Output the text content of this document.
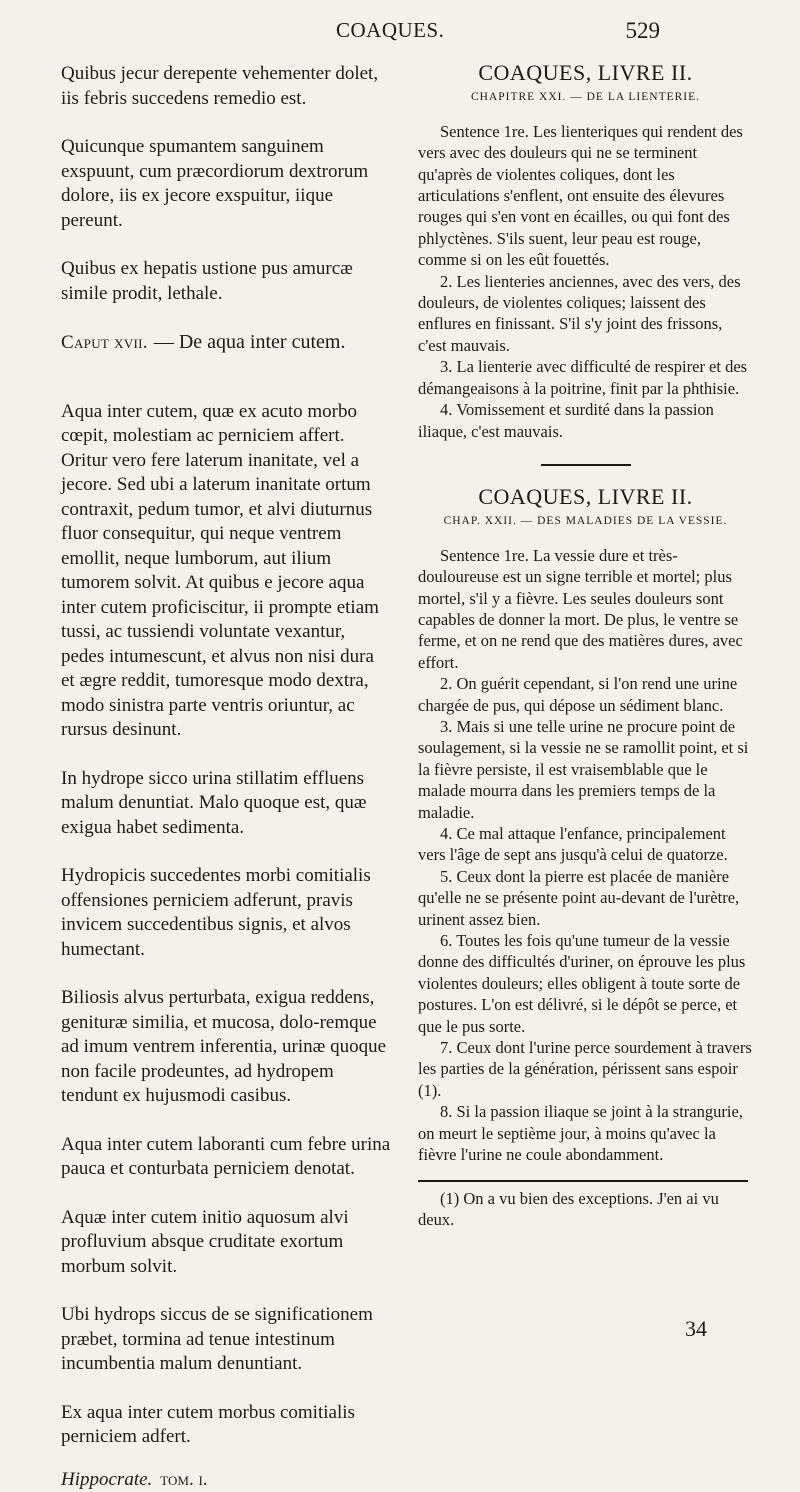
COAQUES.	529

Quibus jecur derepente vehementer dolet, iis febris succedens remedio est.

Quicunque spumantem sanguinem exspuunt, cum præcordiorum dextrorum dolore, iis ex jecore exspuitur, iique pereunt.

Quibus ex hepatis ustione pus amurcæ simile prodit, lethale.

Caput xvii. — De aqua inter cutem.

Aqua inter cutem, quæ ex acuto morbo cœpit, molestiam ac perniciem affert. Oritur vero fere laterum inanitate, vel a jecore. Sed ubi a laterum inanitate ortum contraxit, pedum tumor, et alvi diuturnus fluor consequitur, qui neque ventrem emollit, neque lumborum, aut ilium tumorem solvit. At quibus e jecore aqua inter cutem proficiscitur, ii prompte etiam tussi, ac tussiendi voluntate vexantur, pedes intumescunt, et alvus non nisi dura et ægre reddit, tumoresque modo dextra, modo sinistra parte ventris oriuntur, ac rursus desinunt.

In hydrope sicco urina stillatim effluens malum denuntiat. Malo quoque est, quæ exigua habet sedimenta.

Hydropicis succedentes morbi comitialis offensiones perniciem adferunt, pravis invicem succedentibus signis, et alvos humectant.

Biliosis alvus perturbata, exigua reddens, genituræ similia, et mucosa, dolo-remque ad imum ventrem inferentia, urinæ quoque non facile prodeuntes, ad hydropem tendunt ex hujusmodi casibus.

Aqua inter cutem laboranti cum febre urina pauca et conturbata perniciem denotat.

Aquæ inter cutem initio aquosum alvi profluvium absque cruditate exortum morbum solvit.

Ubi hydrops siccus de se significationem præbet, tormina ad tenue intestinum incumbentia malum denuntiant.

Ex aqua inter cutem morbus comitialis perniciem adfert.

Hippocrate. tom. i.
COAQUES, LIVRE II.
CHAPITRE XXI. — DE LA LIENTERIE.

Sentence 1re. Les lienteriques qui rendent des vers avec des douleurs qui ne se terminent qu'après de violentes coliques, dont les articulations s'enflent, ont ensuite des élevures rouges qui s'en vont en écailles, ou qui font des phlyctènes. S'ils suent, leur peau est rouge, comme si on les eût fouettés.

2. Les lienteries anciennes, avec des vers, des douleurs, de violentes coliques; laissent des enflures en finissant. S'il s'y joint des frissons, c'est mauvais.

3. La lienterie avec difficulté de respirer et des démangeaisons à la poitrine, finit par la phthisie.

4. Vomissement et surdité dans la passion iliaque, c'est mauvais.

COAQUES, LIVRE II.
CHAP. XXII. — DES MALADIES DE LA VESSIE.

Sentence 1re. La vessie dure et très-douloureuse est un signe terrible et mortel; plus mortel, s'il y a fièvre. Les seules douleurs sont capables de donner la mort. De plus, le ventre se ferme, et on ne rend que des matières dures, avec effort.

2. On guérit cependant, si l'on rend une urine chargée de pus, qui dépose un sédiment blanc.

3. Mais si une telle urine ne procure point de soulagement, si la vessie ne se ramollit point, et si la fièvre persiste, il est vraisemblable que le malade mourra dans les premiers temps de la maladie.

4. Ce mal attaque l'enfance, principalement vers l'âge de sept ans jusqu'à celui de quatorze.

5. Ceux dont la pierre est placée de manière qu'elle ne se présente point au-devant de l'urètre, urinent assez bien.

6. Toutes les fois qu'une tumeur de la vessie donne des difficultés d'uriner, on éprouve les plus violentes douleurs; elles obligent à toute sorte de postures. L'on est délivré, si le dépôt se perce, et que le pus sorte.

7. Ceux dont l'urine perce sourdement à travers les parties de la génération, périssent sans espoir (1).

8. Si la passion iliaque se joint à la strangurie, on meurt le septième jour, à moins qu'avec la fièvre l'urine ne coule abondamment.

(1) On a vu bien des exceptions. J'en ai vu deux.

34
